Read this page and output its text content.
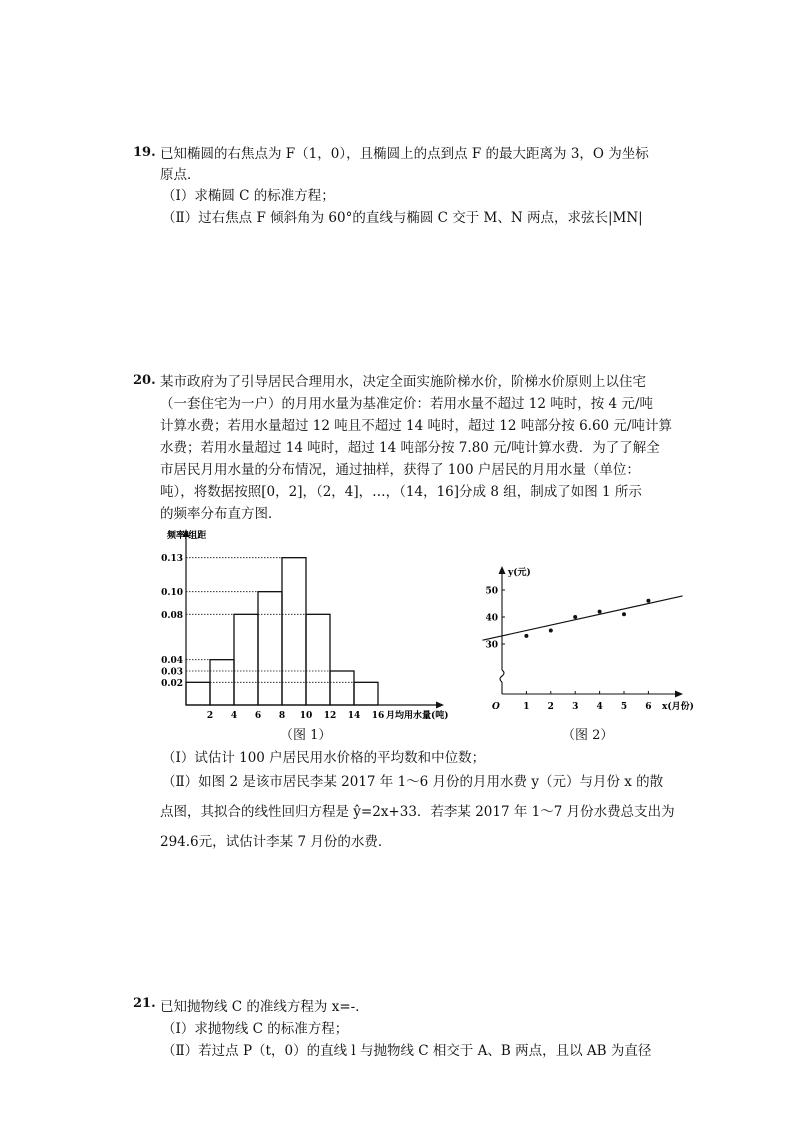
19. 已知椭圆的右焦点为 F（1，0），且椭圆上的点到点 F 的最大距离为 3，O 为坐标
原点．
（Ⅰ）求椭圆 C 的标准方程；
（Ⅱ）过右焦点 F 倾斜角为 60°的直线与椭圆 C 交于 M、N 两点，求弦长|MN|
20. 某市政府为了引导居民合理用水，决定全面实施阶梯水价，阶梯水价原则上以住宅
（一套住宅为一户）的月用水量为基准定价：若用水量不超过 12 吨时，按 4 元/吨
计算水费；若用水量超过 12 吨且不超过 14 吨时，超过 12 吨部分按 6.60 元/吨计算
水费；若用水量超过 14 吨时，超过 14 吨部分按 7.80 元/吨计算水费．为了了解全
市居民月用水量的分布情况，通过抽样，获得了 100 户居民的月用水量（单位：
吨），将数据按照[0，2]，（2，4]，…，（14，16]分成 8 组，制成了如图 1 所示
的频率分布直方图．
0.13
0.10
0.08
0.04
0.03
0.02
2 4 6 8 10 12 14 16 月均用水量(吨)
频率/组距
（图 1）
30
40
50
1 2 3 4 5 6
O	x(月份)
y(元)
（图 2）
（Ⅰ）试估计 100 户居民用水价格的平均数和中位数；
（Ⅱ）如图 2 是该市居民李某 2017 年 1～6 月份的月用水费 y（元）与月份 x 的散
点图，其拟合的线性回归方程是 ŷ=2x+33．若李某 2017 年 1～7 月份水费总支出为
294.6元，试估计李某 7 月份的水费．
21. 已知抛物线 C 的准线方程为 x=-．
（Ⅰ）求抛物线 C 的标准方程；
（Ⅱ）若过点 P（t，0）的直线 l 与抛物线 C 相交于 A、B 两点，且以 AB 为直径
